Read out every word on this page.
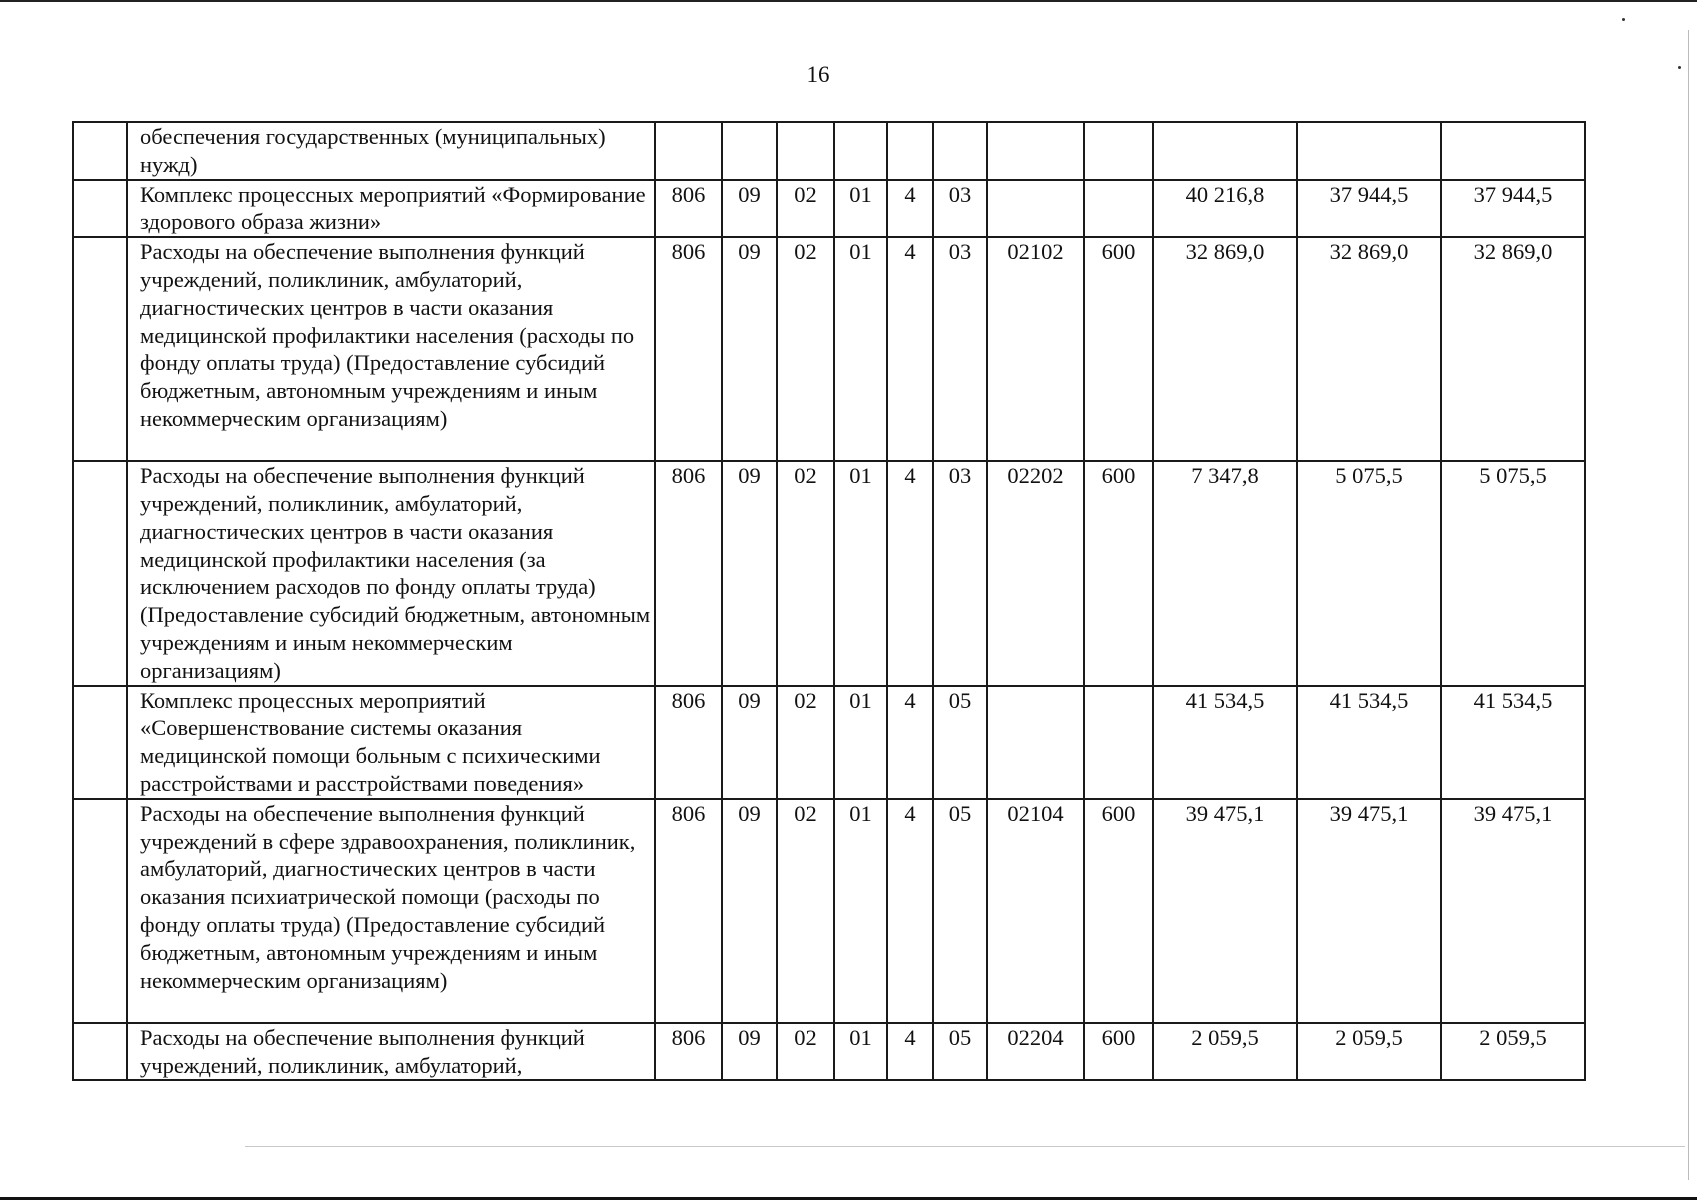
16
	обеспечения государственных (муниципальных) нужд)											
	Комплекс процессных мероприятий «Формирование здорового образа жизни»	806	09	02	01	4	03			40 216,8	37 944,5	37 944,5
	Расходы на обеспечение выполнения функций учреждений, поликлиник, амбулаторий, диагностических центров в части оказания медицинской профилактики населения (расходы по фонду оплаты труда) (Предоставление субсидий бюджетным, автономным учреждениям и иным некоммерческим организациям)	806	09	02	01	4	03	02102	600	32 869,0	32 869,0	32 869,0
	Расходы на обеспечение выполнения функций учреждений, поликлиник, амбулаторий, диагностических центров в части оказания медицинской профилактики населения (за исключением расходов по фонду оплаты труда) (Предоставление субсидий бюджетным, автономным учреждениям и иным некоммерческим организациям)	806	09	02	01	4	03	02202	600	7 347,8	5 075,5	5 075,5
	Комплекс процессных мероприятий «Совершенствование системы оказания медицинской помощи больным с психическими расстройствами и расстройствами поведения»	806	09	02	01	4	05			41 534,5	41 534,5	41 534,5
	Расходы на обеспечение выполнения функций учреждений в сфере здравоохранения, поликлиник, амбулаторий, диагностических центров в части оказания психиатрической помощи (расходы по фонду оплаты труда) (Предоставление субсидий бюджетным, автономным учреждениям и иным некоммерческим организациям)	806	09	02	01	4	05	02104	600	39 475,1	39 475,1	39 475,1
	Расходы на обеспечение выполнения функций учреждений, поликлиник, амбулаторий,	806	09	02	01	4	05	02204	600	2 059,5	2 059,5	2 059,5
